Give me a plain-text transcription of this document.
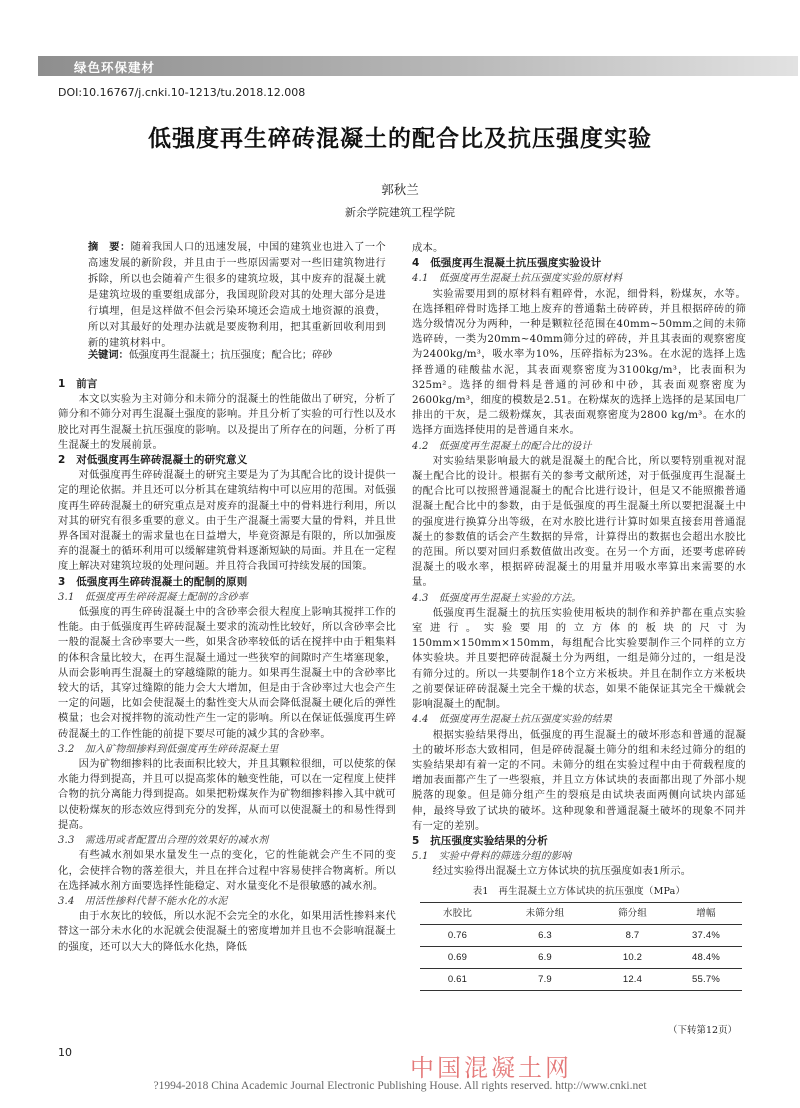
绿色环保建材
DOI:10.16767/j.cnki.10-1213/tu.2018.12.008
低强度再生碎砖混凝土的配合比及抗压强度实验
郭秋兰
新余学院建筑工程学院
摘　要：随着我国人口的迅速发展，中国的建筑业也进入了一个高速发展的新阶段，并且由于一些原因需要对一些旧建筑物进行拆除，所以也会随着产生很多的建筑垃圾，其中废弃的混凝土就是建筑垃圾的重要组成部分，我国现阶段对其的处理大部分是进行填埋，但是这样做不但会污染环境还会造成土地资源的浪费，所以对其最好的处理办法就是要废物利用，把其重新回收利用到新的建筑材料中。
关键词：低强度再生混凝土；抗压强度；配合比；碎砂

1　前言

本文以实验为主对筛分和未筛分的混凝土的性能做出了研究，分析了筛分和不筛分对再生混凝土强度的影响。并且分析了实验的可行性以及水胶比对再生混凝土抗压强度的影响。以及提出了所存在的问题，分析了再生混凝土的发展前景。

2　对低强度再生碎砖混凝土的研究意义

对低强度再生碎砖混凝土的研究主要是为了为其配合比的设计提供一定的理论依据。并且还可以分析其在建筑结构中可以应用的范围。对低强度再生碎砖混凝土的研究重点是对废弃的混凝土中的骨料进行利用，所以对其的研究有很多重要的意义。由于生产混凝土需要大量的骨料，并且世界各国对混凝土的需求量也在日益增大，毕竟资源是有限的，所以加强废弃的混凝土的循环利用可以缓解建筑骨料逐渐短缺的局面。并且在一定程度上解决对建筑垃圾的处理问题。并且符合我国可持续发展的国策。

3　低强度再生碎砖混凝土的配制的原则

3.1　低强度再生碎砖混凝土配制的含砂率

低强度的再生碎砖混凝土中的含砂率会很大程度上影响其搅拌工作的性能。由于低强度再生碎砖混凝土要求的流动性比较好，所以含砂率会比一般的混凝土含砂率要大一些，如果含砂率较低的话在搅拌中由于粗集料的体积含量比较大，在再生混凝土通过一些狭窄的间隙时产生堵塞现象，从而会影响再生混凝土的穿越缝隙的能力。如果再生混凝土中的含砂率比较大的话，其穿过缝隙的能力会大大增加，但是由于含砂率过大也会产生一定的问题，比如会使混凝土的黏性变大从而会降低混凝土硬化后的弹性模量；也会对搅拌物的流动性产生一定的影响。所以在保证低强度再生碎砖混凝土的工作性能的前提下要尽可能的减少其的含砂率。

3.2　加入矿物细掺料到低强度再生碎砖混凝土里

因为矿物细掺料的比表面积比较大，并且其颗粒很细，可以使浆的保水能力得到提高，并且可以提高浆体的触变性能，可以在一定程度上使拌合物的抗分离能力得到提高。如果把粉煤灰作为矿物细掺料掺入其中就可以使粉煤灰的形态效应得到充分的发挥，从而可以使混凝土的和易性得到提高。

3.3　需选用或者配置出合理的效果好的减水剂

有些减水剂如果水量发生一点的变化，它的性能就会产生不同的变化，会使拌合物的落差很大，并且在拌合过程中容易使拌合物离析。所以在选择减水剂方面要选择性能稳定、对水量变化不是很敏感的减水剂。

3.4　用活性掺料代替不能水化的水泥

由于水灰比的较低，所以水泥不会完全的水化，如果用活性掺料来代替这一部分未水化的水泥就会使混凝土的密度增加并且也不会影响混凝土的强度，还可以大大的降低水化热，降低

成本。

4　低强度再生混凝土抗压强度实验设计

4.1　低强度再生混凝土抗压强度实验的原材料

实验需要用到的原材料有粗碎骨，水泥，细骨料，粉煤灰，水等。在选择粗碎骨时选择工地上废弃的普通黏土砖碎砖，并且根据碎砖的筛选分级情况分为两种，一种是颗粒径范围在40mm~50mm之间的未筛选碎砖，一类为20mm~40mm筛分过的碎砖，并且其表面的观察密度为2400kg/m³，吸水率为10%，压碎指标为23%。在水泥的选择上选择普通的硅酸盐水泥，其表面观察密度为3100kg/m³，比表面积为325m²。选择的细骨料是普通的河砂和中砂，其表面观察密度为2600kg/m³，细度的模数是2.51。在粉煤灰的选择上选择的是某国电厂排出的干灰，是二级粉煤灰，其表面观察密度为2800 kg/m³。在水的选择方面选择使用的是普通自来水。

4.2　低强度再生混凝土的配合比的设计

对实验结果影响最大的就是混凝土的配合比，所以要特别重视对混凝土配合比的设计。根据有关的参考文献所述，对于低强度再生混凝土的配合比可以按照普通混凝土的配合比进行设计，但是又不能照搬普通混凝土配合比中的参数，由于是低强度的再生混凝土所以要把混凝土中的强度进行换算分出等级，在对水胶比进行计算时如果直接套用普通混凝土的参数值的话会产生数据的异常，计算得出的数据也会超出水胶比的范围。所以要对回归系数值做出改变。在另一个方面，还要考虑碎砖混凝土的吸水率，根据碎砖混凝土的用量并用吸水率算出来需要的水量。

4.3　低强度再生混凝土实验的方法。

低强度再生混凝土的抗压实验使用板块的制作和养护都在重点实验室进行。实验要用的立方体的板块的尺寸为150mm×150mm×150mm，每组配合比实验要制作三个同样的立方体实验块。并且要把碎砖混凝土分为两组，一组是筛分过的，一组是没有筛分过的。所以一共要制作18个立方米板块。并且在制作立方米板块之前要保证碎砖混凝土完全干燥的状态，如果不能保证其完全干燥就会影响混凝土的配制。

4.4　低强度再生混凝土抗压强度实验的结果

根据实验结果得出，低强度的再生混凝土的破坏形态和普通的混凝土的破坏形态大致相同，但是碎砖混凝土筛分的组和未经过筛分的组的实验结果却有着一定的不同。未筛分的组在实验过程中由于荷载程度的增加表面都产生了一些裂痕，并且立方体试块的表面都出现了外部小规脱落的现象。但是筛分组产生的裂痕是由试块表面两侧向试块内部延伸，最终导致了试块的破坏。这种现象和普通混凝土破坏的现象不同并有一定的差别。

5　抗压强度实验结果的分析

5.1　实验中骨料的筛选分组的影响

经过实验得出混凝土立方体试块的抗压强度如表1所示。

表1　再生混凝土立方体试块的抗压强度（MPa）
水胶比	未筛分组	筛分组	增幅
0.76	6.3	8.7	37.4%
0.69	6.9	10.2	48.4%
0.61	7.9	12.4	55.7%
（下转第12页）
10
中国混凝土网
?1994-2018 China Academic Journal Electronic Publishing House. All rights reserved. http://www.cnki.net
